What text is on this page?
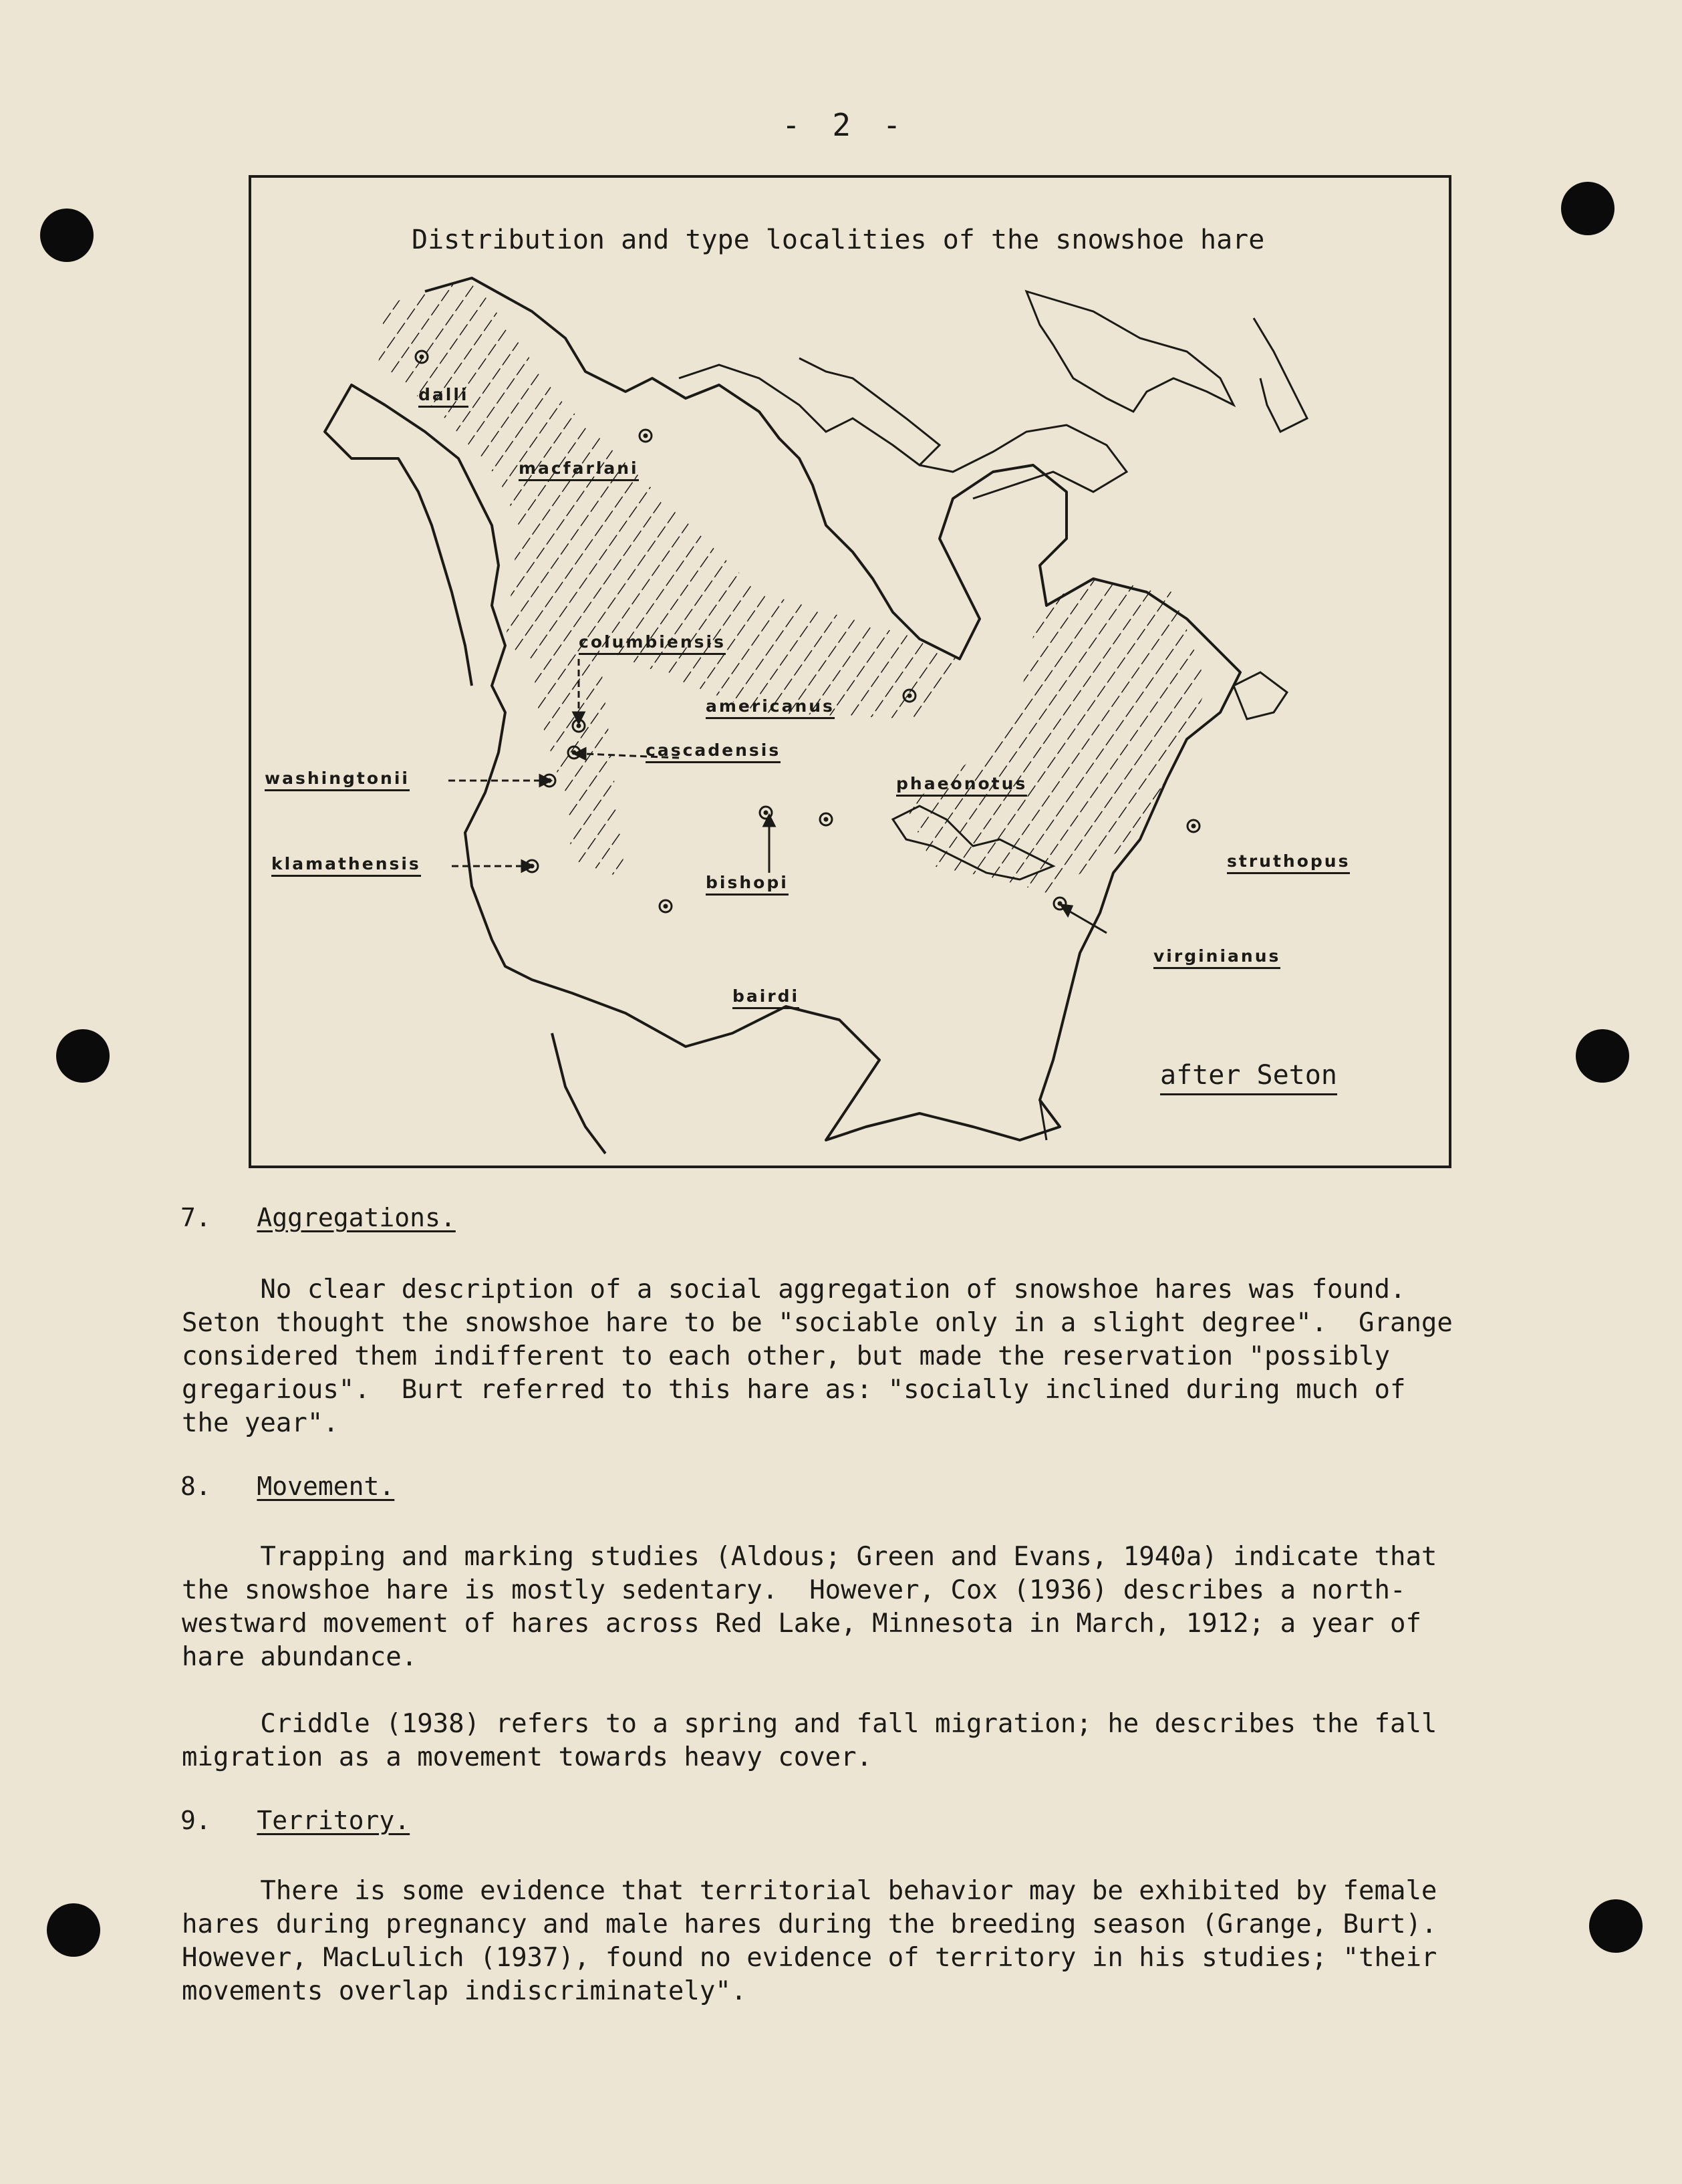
- 2 -
Distribution and type localities of the snowshoe hare
dalli
macfarlani
columbiensis
americanus
cascadensis
washingtonii	phaeonotus
klamathensis
bishopi
struthopus
virginianus
bairdi
after Seton
7. Aggregations.

No clear description of a social aggregation of snowshoe hares was found.
Seton thought the snowshoe hare to be "sociable only in a slight degree".  Grange
considered them indifferent to each other, but made the reservation "possibly
gregarious".  Burt referred to this hare as: "socially inclined during much of
the year".

8. Movement.

Trapping and marking studies (Aldous; Green and Evans, 1940a) indicate that
the snowshoe hare is mostly sedentary.  However, Cox (1936) describes a north-
westward movement of hares across Red Lake, Minnesota in March, 1912; a year of
hare abundance.

Criddle (1938) refers to a spring and fall migration; he describes the fall
migration as a movement towards heavy cover.

9. Territory.

There is some evidence that territorial behavior may be exhibited by female
hares during pregnancy and male hares during the breeding season (Grange, Burt).
However, MacLulich (1937), found no evidence of territory in his studies; "their
movements overlap indiscriminately".
